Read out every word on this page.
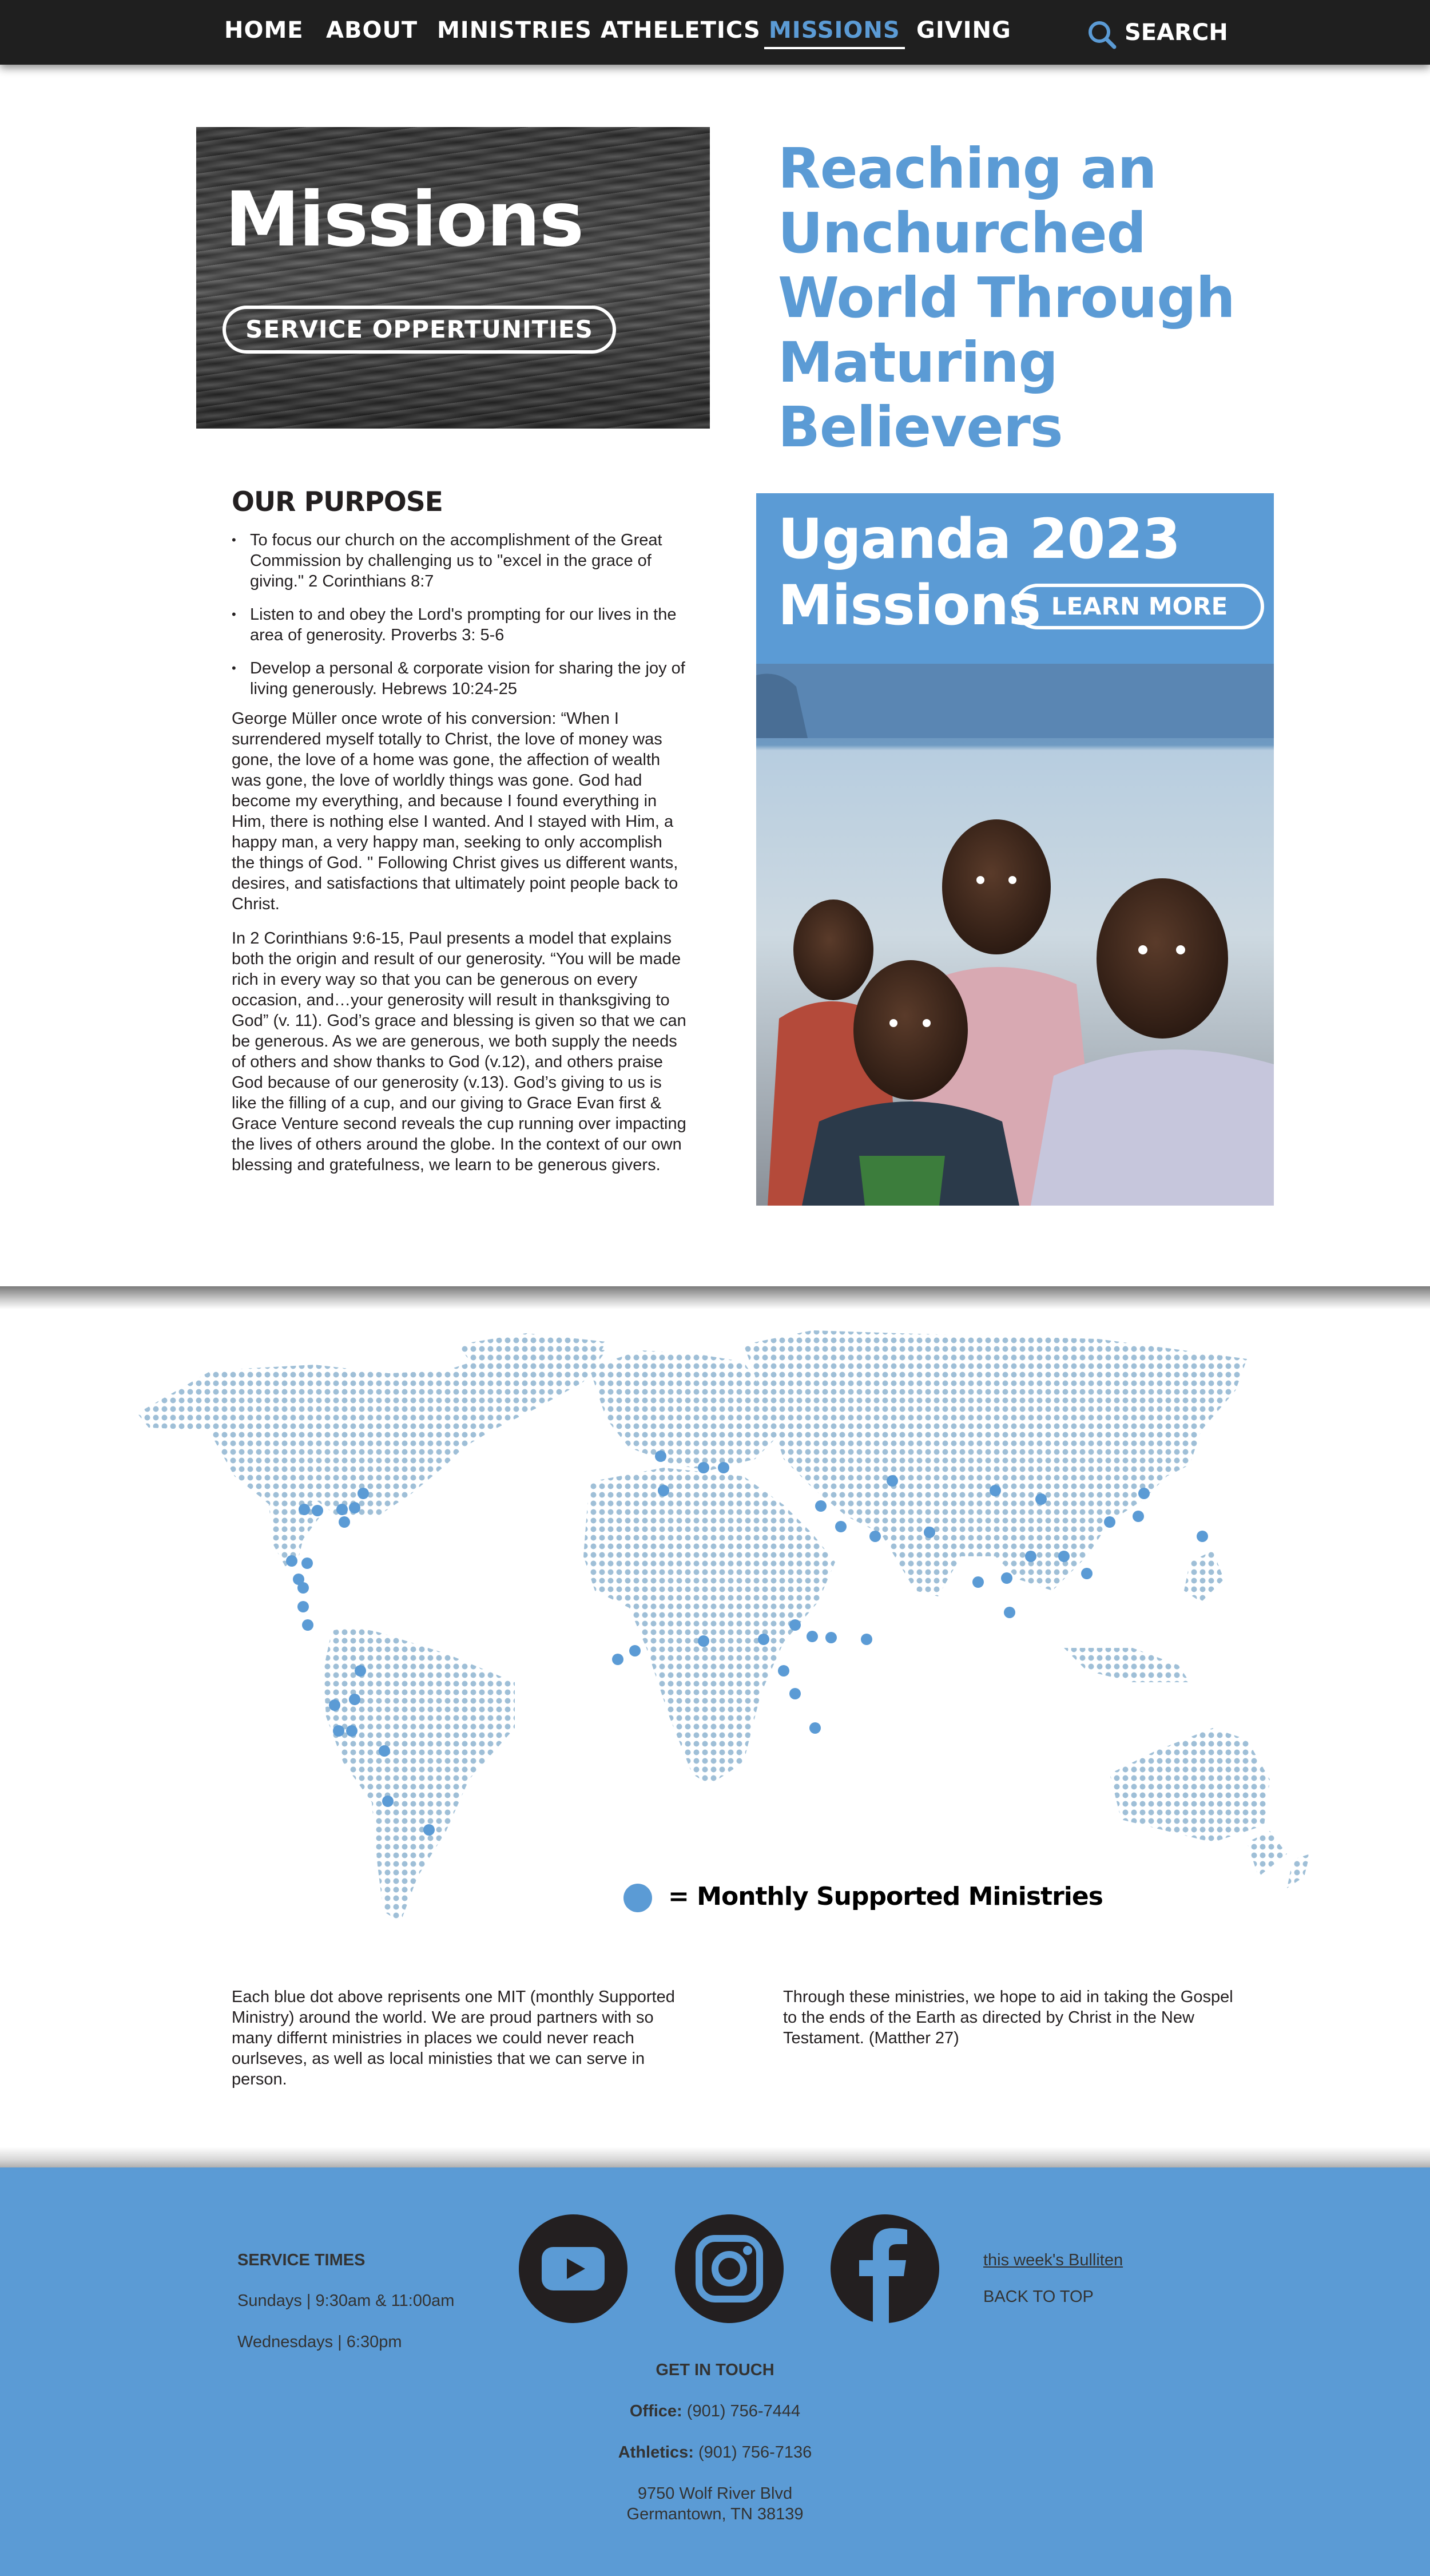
HOME ABOUT MINISTRIES ATHELETICS MISSIONS GIVING	SEARCH
Missions
SERVICE OPPERTUNITIES
Reaching an Unchurched World Through Maturing Believers
OUR PURPOSE
• To focus our church on the accomplishment of the Great Commission by challenging us to "excel in the grace of giving." 2 Corinthians 8:7
• Listen to and obey the Lord's prompting for our lives in the area of generosity. Proverbs 3: 5-6
• Develop a personal & corporate vision for sharing the joy of living generously. Hebrews 10:24-25

George Müller once wrote of his conversion: “When I surrendered myself totally to Christ, the love of money was gone, the love of a home was gone, the affection of wealth was gone, the love of worldly things was gone. God had become my everything, and because I found everything in Him, there is nothing else I wanted. And I stayed with Him, a happy man, a very happy man, seeking to only accomplish the things of God. " Following Christ gives us different wants, desires, and satisfactions that ultimately point people back to Christ.

In 2 Corinthians 9:6-15, Paul presents a model that explains both the origin and result of our generosity. “You will be made rich in every way so that you can be generous on every occasion, and…your generosity will result in thanksgiving to God” (v. 11). God’s grace and blessing is given so that we can be generous. As we are generous, we both supply the needs of others and show thanks to God (v.12), and others praise God because of our generosity (v.13). God’s giving to us is like the filling of a cup, and our giving to Grace Evan first & Grace Venture second reveals the cup running over impacting the lives of others around the globe. In the context of our own blessing and gratefulness, we learn to be generous givers.

Uganda 2023
Missions LEARN MORE
= Monthly Supported Ministries

Each blue dot above reprisents one MIT (monthly Supported Ministry) around the world. We are proud partners with so many differnt ministries in places we could never reach ourlseves, as well as local ministies that we can serve in person.

Through these ministries, we hope to aid in taking the Gospel to the ends of the Earth as directed by Christ in the New Testament. (Matther 27)

SERVICE TIMES
Sundays | 9:30am & 11:00am
Wednesdays | 6:30pm
this week's Bulliten
BACK TO TOP
GET IN TOUCH
Office: (901) 756-7444
Athletics: (901) 756-7136
9750 Wolf River Blvd
Germantown, TN 38139
